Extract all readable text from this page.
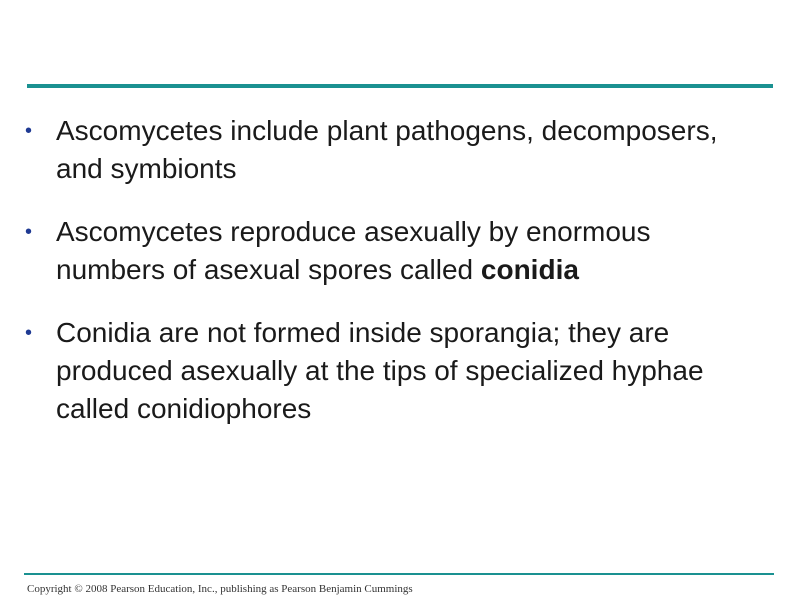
• Ascomycetes include plant pathogens, decomposers, and symbionts
• Ascomycetes reproduce asexually by enormous numbers of asexual spores called conidia
• Conidia are not formed inside sporangia; they are produced asexually at the tips of specialized hyphae called conidiophores
Copyright © 2008 Pearson Education, Inc., publishing as Pearson Benjamin Cummings
